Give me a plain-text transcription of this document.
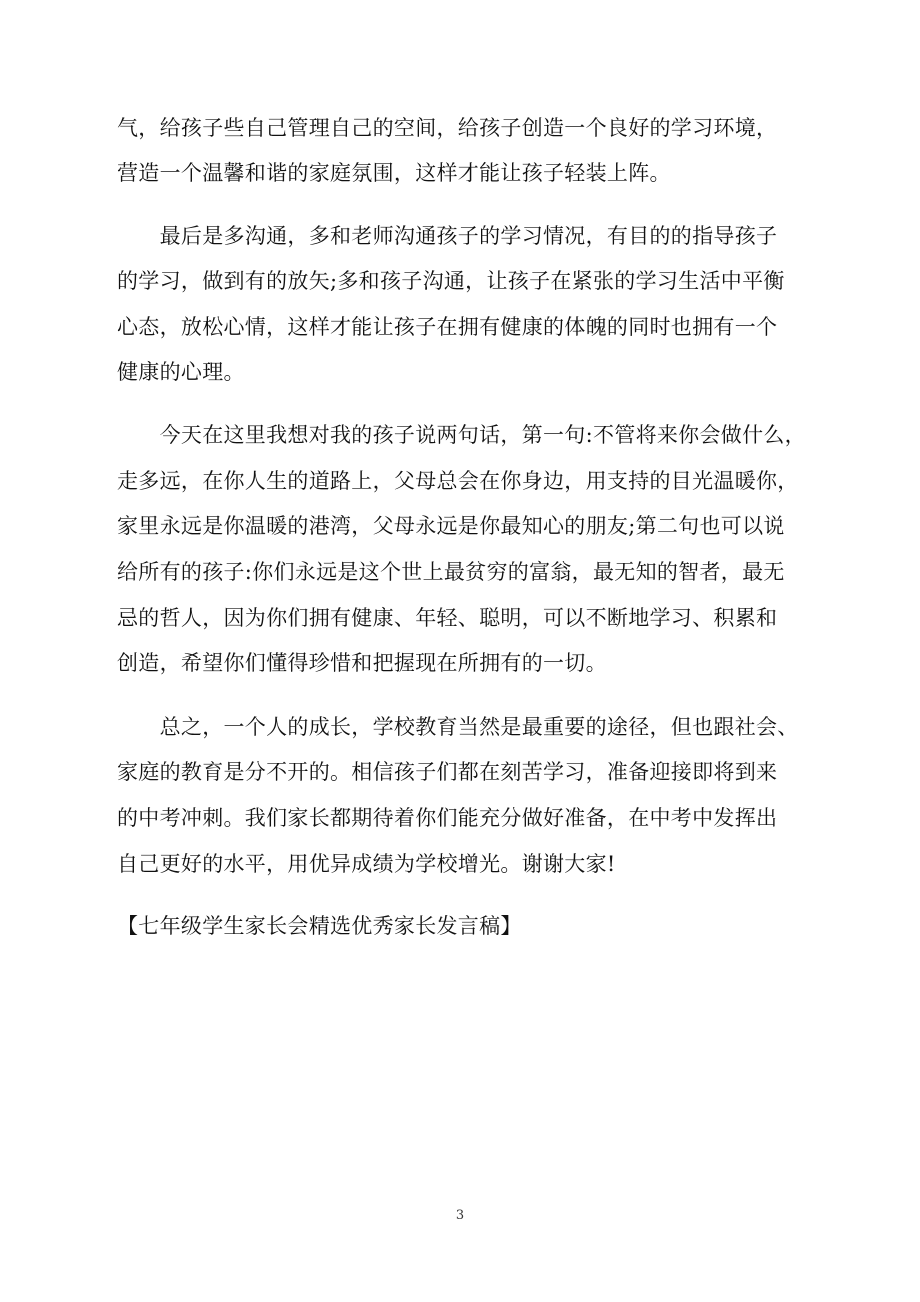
气，给孩子些自己管理自己的空间，给孩子创造一个良好的学习环境，
营造一个温馨和谐的家庭氛围，这样才能让孩子轻装上阵。
　　最后是多沟通，多和老师沟通孩子的学习情况，有目的的指导孩子
的学习，做到有的放矢;多和孩子沟通，让孩子在紧张的学习生活中平衡
心态，放松心情，这样才能让孩子在拥有健康的体魄的同时也拥有一个
健康的心理。
　　今天在这里我想对我的孩子说两句话，第一句:不管将来你会做什么，
走多远，在你人生的道路上，父母总会在你身边，用支持的目光温暖你，
家里永远是你温暖的港湾，父母永远是你最知心的朋友;第二句也可以说
给所有的孩子:你们永远是这个世上最贫穷的富翁，最无知的智者，最无
忌的哲人，因为你们拥有健康、年轻、聪明，可以不断地学习、积累和
创造，希望你们懂得珍惜和把握现在所拥有的一切。
　　总之，一个人的成长，学校教育当然是最重要的途径，但也跟社会、
家庭的教育是分不开的。相信孩子们都在刻苦学习，准备迎接即将到来
的中考冲刺。我们家长都期待着你们能充分做好准备，在中考中发挥出
自己更好的水平，用优异成绩为学校增光。谢谢大家!
【七年级学生家长会精选优秀家长发言稿】
3
